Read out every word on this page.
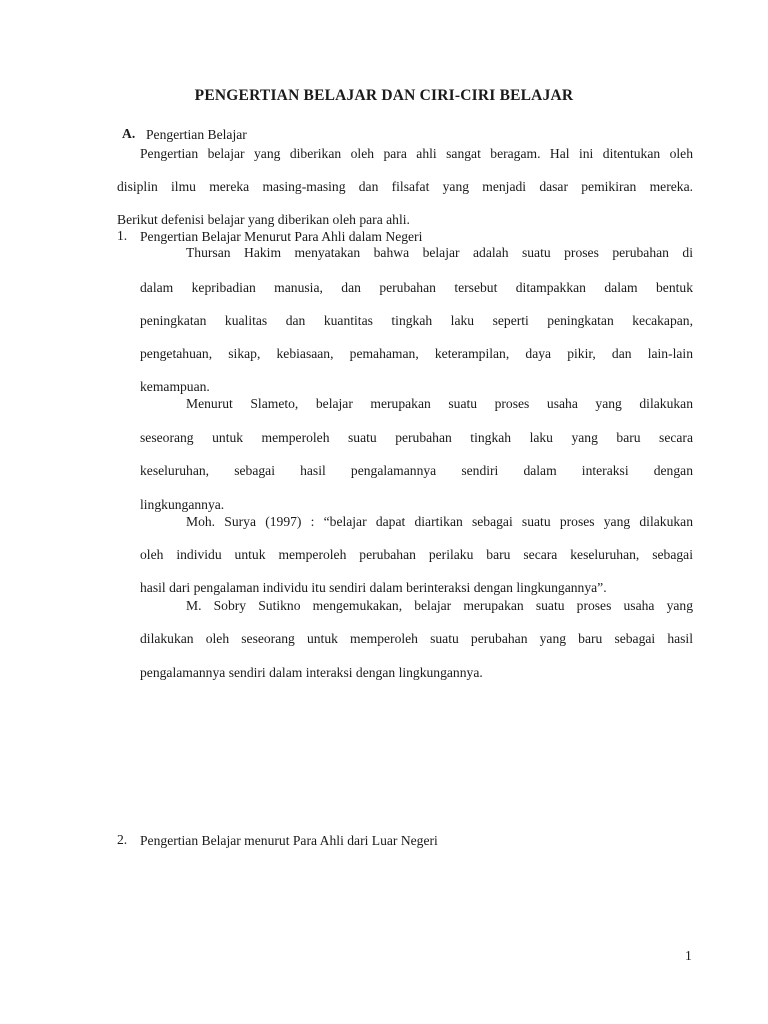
PENGERTIAN BELAJAR DAN CIRI-CIRI BELAJAR
A. Pengertian Belajar
Pengertian belajar yang diberikan oleh para ahli sangat beragam. Hal ini ditentukan oleh
disiplin ilmu mereka masing-masing dan filsafat yang menjadi dasar pemikiran mereka.
Berikut defenisi belajar yang diberikan oleh para ahli.
1. Pengertian Belajar Menurut Para Ahli dalam Negeri
Thursan Hakim menyatakan bahwa belajar adalah suatu proses perubahan di
dalam kepribadian manusia, dan perubahan tersebut ditampakkan dalam bentuk
peningkatan kualitas dan kuantitas tingkah laku seperti peningkatan kecakapan,
pengetahuan, sikap, kebiasaan, pemahaman, keterampilan, daya pikir, dan lain-lain
kemampuan.
Menurut Slameto, belajar merupakan suatu proses usaha yang dilakukan
seseorang untuk memperoleh suatu perubahan tingkah laku yang baru secara
keseluruhan, sebagai hasil pengalamannya sendiri dalam interaksi dengan
lingkungannya.
Moh. Surya (1997) : “belajar dapat diartikan sebagai suatu proses yang dilakukan
oleh individu untuk memperoleh perubahan perilaku baru secara keseluruhan, sebagai
hasil dari pengalaman individu itu sendiri dalam berinteraksi dengan lingkungannya”.
M. Sobry Sutikno mengemukakan, belajar merupakan suatu proses usaha yang
dilakukan oleh seseorang untuk memperoleh suatu perubahan yang baru sebagai hasil
pengalamannya sendiri dalam interaksi dengan lingkungannya.
2. Pengertian Belajar menurut Para Ahli dari Luar Negeri
1
